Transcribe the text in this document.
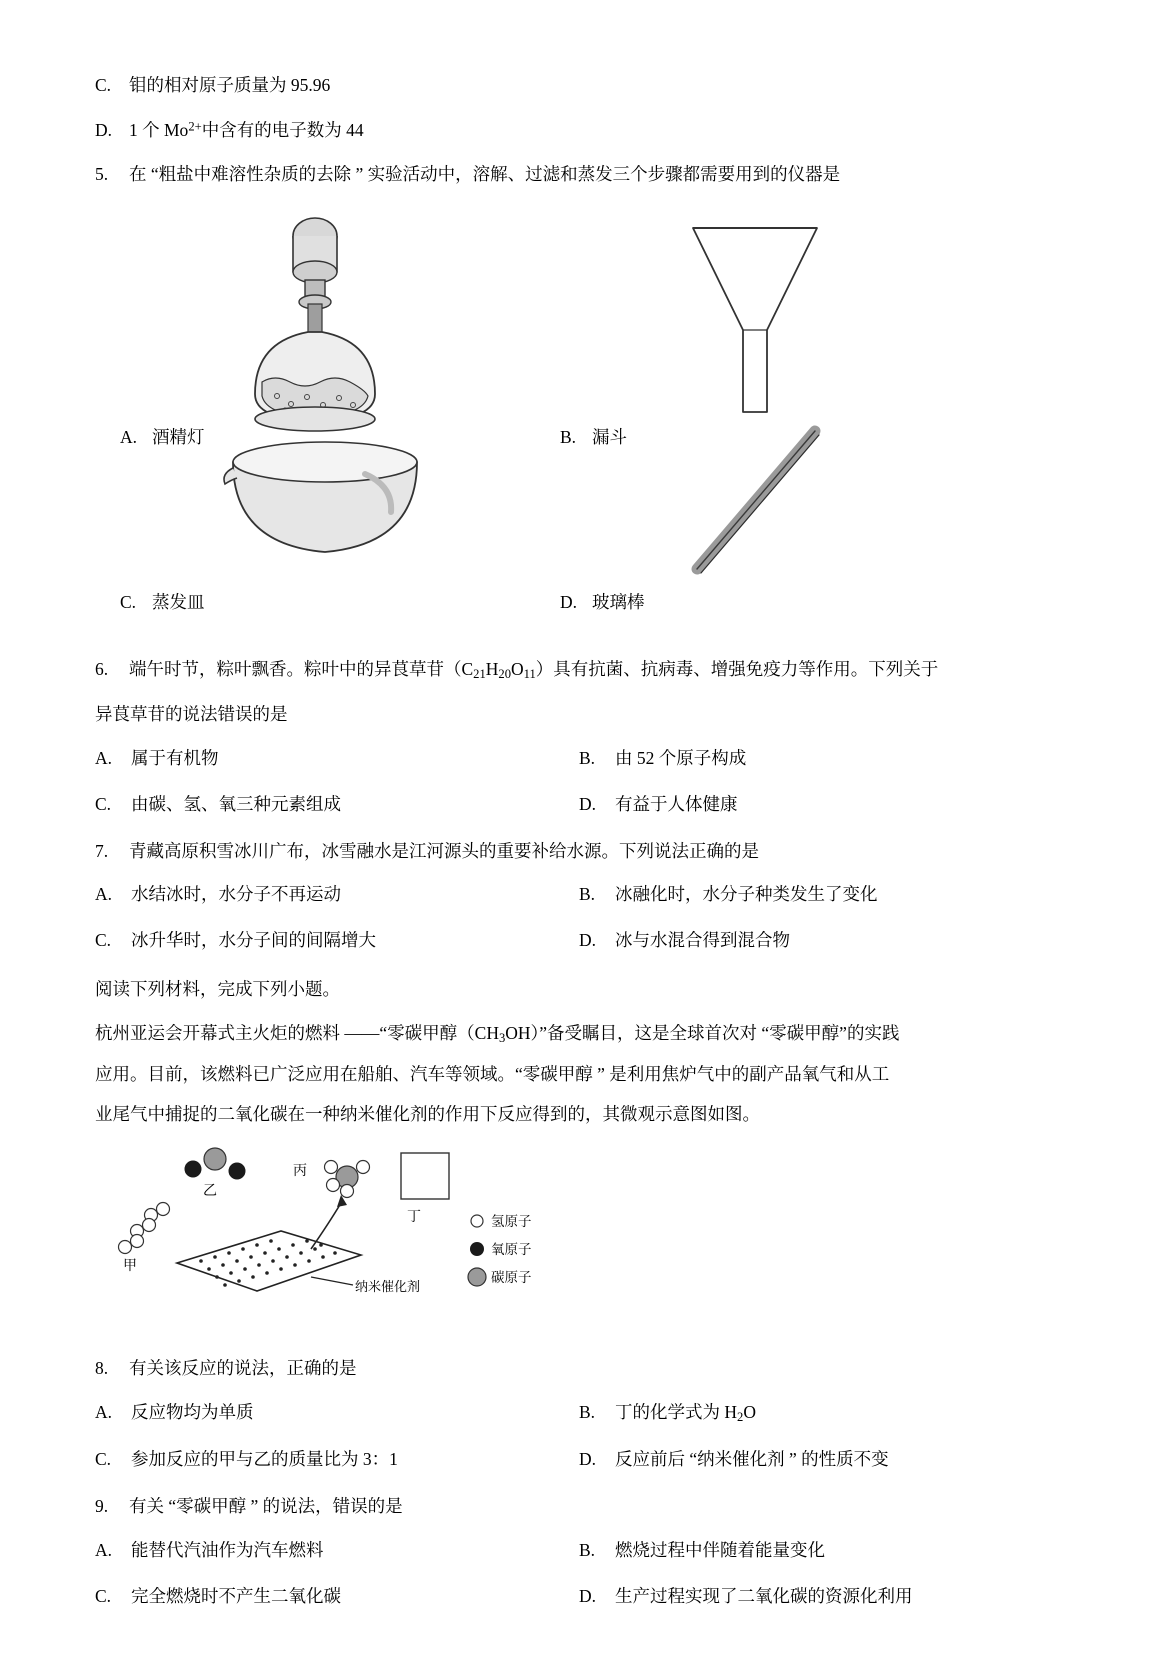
C. 钼的相对原子质量为 95.96
D. 1 个 $Mo^{2+}$中含有的电子数为 44
5. 在 “粗盐中难溶性杂质的去除 ” 实验活动中，溶解、过滤和蒸发三个步骤都需要用到的仪器是
A. 酒精灯	B. 漏斗
C. 蒸发皿	D. 玻璃棒
6. 端午时节，粽叶飘香。粽叶中的异茛草苷$(C_{21}H_{20}O_{11})$具有抗菌、抗病毒、增强免疫力等作用。下列关于
异茛草苷的说法错误的是
A.	属于有机物	B.	由 52 个原子构成
C.	由碳、氢、氧三种元素组成	D.	有益于人体健康
7. 青藏高原积雪冰川广布，冰雪融水是江河源头的重要补给水源。下列说法正确的是
A.	水结冰时，水分子不再运动	B.	冰融化时，水分子种类发生了变化
C.	冰升华时，水分子间的间隔增大	D.	冰与水混合得到混合物
阅读下列材料，完成下列小题。
杭州亚运会开幕式主火炬的燃料 ——“零碳甲醇$(CH_3OH)$”备受瞩目，这是全球首次对 “零碳甲醇”的实践
应用。目前，该燃料已广泛应用在船舶、汽车等领域。“零碳甲醇 ” 是利用焦炉气中的副产品氧气和从工
业尾气中捕捉的二氧化碳在一种纳米催化剂的作用下反应得到的，其微观示意图如图。
甲
乙
丙
丁
纳米催化剂
氢原子
氧原子
碳原子
8. 有关该反应的说法，正确的是
A.	反应物均为单质	B.	丁的化学式为 $H_2O$
C.	参加反应的甲与乙的质量比为 3：1	D.	反应前后 “纳米催化剂 ” 的性质不变
9. 有关 “零碳甲醇 ” 的说法，错误的是
A.	能替代汽油作为汽车燃料	B.	燃烧过程中伴随着能量变化
C.	完全燃烧时不产生二氧化碳	D.	生产过程实现了二氧化碳的资源化利用
